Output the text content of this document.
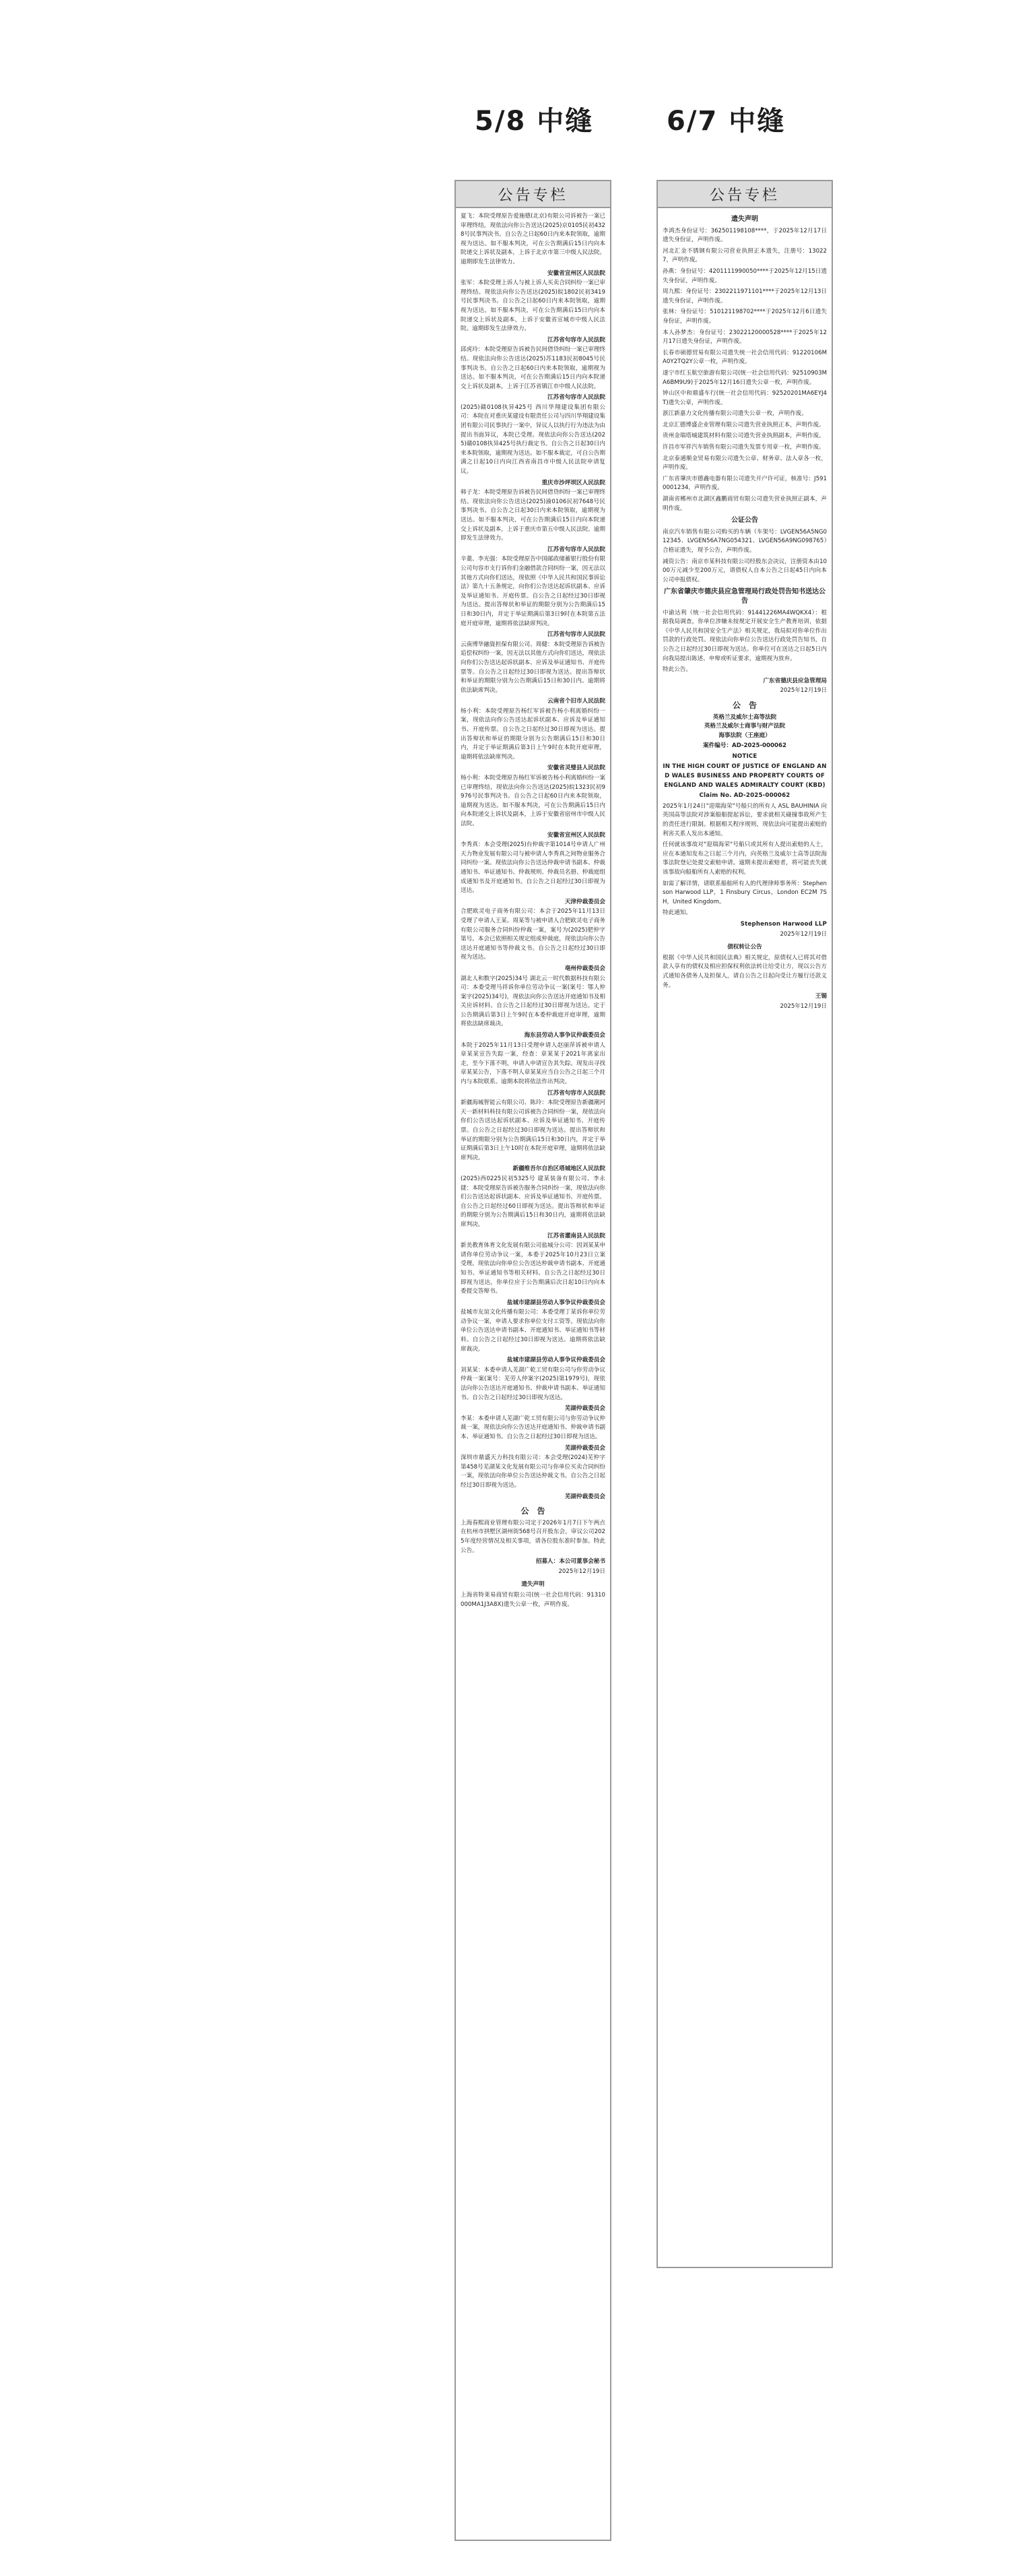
5/8 中缝	6/7 中缝
公告专栏

夏飞：本院受理原告爱施德(北京)有限公司诉被告一案已审理终结，现依法向你公告送达(2025)京0105民初4328号民事判决书。自公告之日起60日内来本院领取，逾期视为送达。如不服本判决，可在公告期满后15日内向本院递交上诉状及副本，上诉于北京市第三中级人民法院。逾期即发生法律效力。

安徽省宣州区人民法院

张军：本院受理上诉人与被上诉人买卖合同纠纷一案已审理终结。现依法向你公告送达(2025)皖1802民初3419号民事判决书。自公告之日起60日内来本院领取，逾期视为送达。如不服本判决，可在公告期满后15日内向本院递交上诉状及副本，上诉于安徽省宣城市中级人民法院。逾期即发生法律效力。

江苏省句容市人民法院

邱虎玲：本院受理原告诉被告民间借贷纠纷一案已审理终结。现依法向你公告送达(2025)苏1183民初8045号民事判决书。自公告之日起60日内来本院领取，逾期视为送达。如不服本判决，可在公告期满后15日内向本院递交上诉状及副本，上诉于江苏省镇江市中级人民法院。

江苏省句容市人民法院

(2025)赣0108执异425号 西川华翔建设集团有限公司：本院在对重庆某建设有限责任公司与四川华翔建设集团有限公司民事执行一案中，异议人以执行行为违法为由提出书面异议，本院已受理。现依法向你公告送达(2025)赣0108执异425号执行裁定书。自公告之日起30日内来本院领取，逾期视为送达。如不服本裁定，可自公告期满之日起10日内向江西省南昌市中级人民法院申请复议。

重庆市沙坪坝区人民法院

韩子龙：本院受理原告诉被告民间借贷纠纷一案已审理终结。现依法向你公告送达(2025)渝0106民初7648号民事判决书。自公告之日起30日内来本院领取，逾期视为送达。如不服本判决，可在公告期满后15日内向本院递交上诉状及副本，上诉于重庆市第五中级人民法院。逾期即发生法律效力。

江苏省句容市人民法院

辛董、李光强：本院受理原告中国邮政储蓄银行股份有限公司句容市支行诉你们金融借款合同纠纷一案，因无法以其他方式向你们送达，现依照《中华人民共和国民事诉讼法》第九十五条规定，向你们公告送达起诉状副本、应诉及举证通知书、开庭传票。自公告之日起经过30日即视为送达。提出答辩状和举证的期限分别为公告期满后15日和30日内，并定于举证期满后第3日9时在本院第五法庭开庭审理，逾期将依法缺席判决。

江苏省句容市人民法院

云南博华融資担保有限公司、周健：本院受理原告诉被告追偿权纠纷一案，因无法以其他方式向你们送达，现依法向你们公告送达起诉状副本、应诉及举证通知书、开庭传票等。自公告之日起经过30日即视为送达。提出答辩状和举证的期限分别为公告期满后15日和30日内。逾期将依法缺席判决。

云南省个旧市人民法院

杨小利：本院受理原告杨红军诉被告杨小利离婚纠纷一案，现依法向你公告送达起诉状副本、应诉及举证通知书、开庭传票。自公告之日起经过30日即视为送达。提出答辩状和举证的期限分别为公告期满后15日和30日内，并定于举证期满后第3日上午9时在本院开庭审理，逾期将依法缺席判决。

安徽省灵璧县人民法院

杨小利：本院受理原告杨红军诉被告杨小利离婚纠纷一案已审理终结，现依法向你公告送达(2025)皖1323民初9976号民事判决书。自公告之日起60日内来本院领取，逾期视为送达。如不服本判决，可在公告期满后15日内向本院递交上诉状及副本，上诉于安徽省宿州市中级人民法院。

安徽省宣州区人民法院

李秀真：本会受理(2025)台仲裁字第1014号申请人广州天力物业发展有限公司与被申请人李秀真之间物业服务合同纠纷一案。现依法向你公告送达仲裁申请书副本、仲裁通知书、举证通知书、仲裁规则、仲裁员名册、仲裁庭组成通知书及开庭通知书。自公告之日起经过30日即视为送达。

天津仲裁委员会

合肥欧灵电子商务有限公司：本会于2025年11月13日受理了申请人王某、周某等与被申请人合肥欧灵电子商务有限公司服务合同纠纷仲裁一案，案号为(2025)肥仲字第号。本会已依照相关规定组成仲裁庭，现依法向你公告送达开庭通知书等仲裁文书。自公告之日起经过30日即视为送达。

亳州仲裁委员会

湖北人和数字(2025)34号 湖北云一时代数据科技有限公司：本委受理马祥诉你单位劳动争议一案(案号：鄂人仲案字(2025)34号)，现依法向你公告送达开庭通知书及相关应诉材料。自公告之日起经过30日即视为送达。定于公告期满后第3日上午9时在本委仲裁庭开庭审理，逾期将依法缺席裁决。

海东县劳动人事争议仲裁委员会

本院于2025年11月13日受理申请人赵丽萍诉被申请人章某某宣告失踪一案，经查：章某某于2021年离家出走，至今下落不明，申请人申请宣告其失踪。现发出寻找章某某公告，下落不明人章某某应当自公告之日起三个月内与本院联系。逾期本院将依法作出判决。

江苏省句容市人民法院

新疆海城智能云有限公司、陈玲：本院受理原告新疆潮河天一新材料科技有限公司诉被告合同纠纷一案，现依法向你们公告送达起诉状副本、应诉及举证通知书、开庭传票。自公告之日起经过30日即视为送达。提出答辩状和举证的期限分别为公告期满后15日和30日内，并定于举证期满后第3日上午10时在本院开庭审理，逾期将依法缺席判决。

新疆维吾尔自治区塔城地区人民法院

(2025)西0225民初5325号 建某装备有限公司、李永捷：本院受理原告诉被告服务合同纠纷一案，现依法向你们公告送达起诉状副本、应诉及举证通知书、开庭传票。自公告之日起经过60日即视为送达。提出答辩状和举证的期限分别为公告期满后15日和30日内，逾期将依法缺席判决。

江苏省灌南县人民法院

新美教育体育文化发展有限公司盐城分公司：因刘某某申请你单位劳动争议一案，本委于2025年10月23日立案受理。现依法向你单位公告送达仲裁申请书副本、开庭通知书、举证通知书等相关材料。自公告之日起经过30日即视为送达，你单位应于公告期满后次日起10日内向本委提交答辩书。

盐城市建湖县劳动人事争议仲裁委员会

盐城市友谊文化传播有限公司：本委受理丁某诉你单位劳动争议一案，申请人要求你单位支付工资等。现依法向你单位公告送达申请书副本、开庭通知书、举证通知书等材料。自公告之日起经过30日即视为送达。逾期将依法缺席裁决。

盐城市建湖县劳动人事争议仲裁委员会

刘某某：本委申请人芜湖广乾工贸有限公司与你劳动争议仲裁一案(案号：芜劳人仲案字(2025)第1979号)，现依法向你公告送达开庭通知书、仲裁申请书副本、举证通知书。自公告之日起经过30日即视为送达。

芜湖仲裁委员会

李某：本委申请人芜湖广乾工贸有限公司与你劳动争议仲裁一案，现依法向你公告送达开庭通知书、仲裁申请书副本、举证通知书。自公告之日起经过30日即视为送达。

芜湖仲裁委员会

深圳市鼎盛天力科技有限公司：本会受理(2024)芜仲字第458号芜湖某文化发展有限公司与你单位买卖合同纠纷一案，现依法向你单位公告送达仲裁文书。自公告之日起经过30日即视为送达。

芜湖仲裁委员会
公　告

上海春熙商业管理有限公司定于2026年1月7日下午两点在杭州市拱墅区湖州街568号召开股东会，审议公司2025年度经营情况及相关事项，请各位股东准时参加。特此公告。

招募人：本公司董事会秘书
2025年12月19日
遗失声明

上海省特莱易商贸有限公司(统一社会信用代码：91310000MA1J3A8X)遗失公章一枚，声明作废。

公告专栏
遗失声明

李鸿杰身份证号：362501198108****，于2025年12月17日遗失身份证，声明作废。

河北汇金不锈钢有限公司营业执照正本遗失，注册号：130227，声明作废。

孙燕：身份证号：4201111990050****于2025年12月15日遗失身份证，声明作废。

周九熙：身份证号：2302211971101****于2025年12月13日遗失身份证，声明作废。

张林：身份证号：510121198702****于2025年12月6日遗失身份证，声明作废。

本人孙梦杰：身份证号：23022120000528****于2025年12月17日遗失身份证，声明作废。

长春市硕德贸易有限公司遗失统一社会信用代码：91220106MA0Y2TQ2Y公章一枚，声明作废。

遂宁市红玉航空旅游有限公司(统一社会信用代码：92510903MA6BM9U9)于2025年12月16日遗失公章一枚，声明作废。

钟山区中和鼎盛车行(统一社会信用代码：92520201MA6EYJ4T)遗失公章，声明作废。

浙江新嘉力文化传播有限公司遗失公章一枚，声明作废。

北京汇德博盛企业管理有限公司遗失营业执照正本，声明作废。

贵州金瑞塔城建筑材料有限公司遗失营业执照副本，声明作废。

许昌市军祥汽车销售有限公司遗失发票专用章一枚，声明作废。

北京泰通顺金贸易有限公司遗失公章、财务章、法人章各一枚，声明作废。

广东省肇庆市德鑫电器有限公司遗失开户许可证，核准号：J5910001234，声明作废。

湖南省郴州市北湖区鑫鹏商贸有限公司遗失营业执照正副本，声明作废。

公证公告

南京汽车销售有限公司购买的车辆（车架号：LVGEN56A5NG012345、LVGEN56A7NG054321、LVGEN56A9NG098765）合格证遗失，现予公告，声明作废。

减资公告：南京市某科技有限公司经股东会决议，注册资本由1000万元减少至200万元，请债权人自本公告之日起45日内向本公司申报债权。

广东省肇庆市德庆县应急管理局行政处罚告知书送达公告

中渝达利（统一社会信用代码：91441226MA4WQKX4）：根据我局调查，你单位涉嫌未按规定开展安全生产教育培训，依据《中华人民共和国安全生产法》相关规定，我局拟对你单位作出罚款的行政处罚。现依法向你单位公告送达行政处罚告知书，自公告之日起经过30日即视为送达。你单位可在送达之日起5日内向我局提出陈述、申辩或听证要求，逾期视为放弃。

特此公告。

广东省德庆县应急管理局
2025年12月19日
公　告
英格兰及威尔士高等法院
英格兰及威尔士商事与财产法院
海事法院（王座庭）
案件编号：AD-2025-000062
NOTICE
IN THE HIGH COURT OF JUSTICE OF ENGLAND AND WALES BUSINESS AND PROPERTY COURTS OF ENGLAND AND WALES ADMIRALTY COURT (KBD)
Claim No. AD-2025-000062

2025年1月24日"迎瑞海荣"号船只的所有人 ASL BAUHINIA 向英国高等法院对涉案船舶提起诉讼，要求就相关碰撞事故所产生的责任进行限制。根据相关程序规则，现依法向可能提出索赔的利害关系人发出本通知。

任何就该事故对"迎瑞海荣"号船只或其所有人提出索赔的人士，应在本通知发布之日起三个月内，向英格兰及威尔士高等法院海事法院登记处提交索赔申请。逾期未提出索赔者，将可能丧失就该事故向船舶所有人索赔的权利。

如需了解详情，请联系船舶所有人的代理律师事务所：Stephenson Harwood LLP，1 Finsbury Circus，London EC2M 7SH，United Kingdom。

特此通知。

Stephenson Harwood LLP
2025年12月19日
债权转让公告

根据《中华人民共和国民法典》相关规定，原债权人已将其对借款人享有的债权及相应担保权利依法转让给受让方，现以公告方式通知各债务人及担保人，请自公告之日起向受让方履行还款义务。

王锡
2025年12月19日
